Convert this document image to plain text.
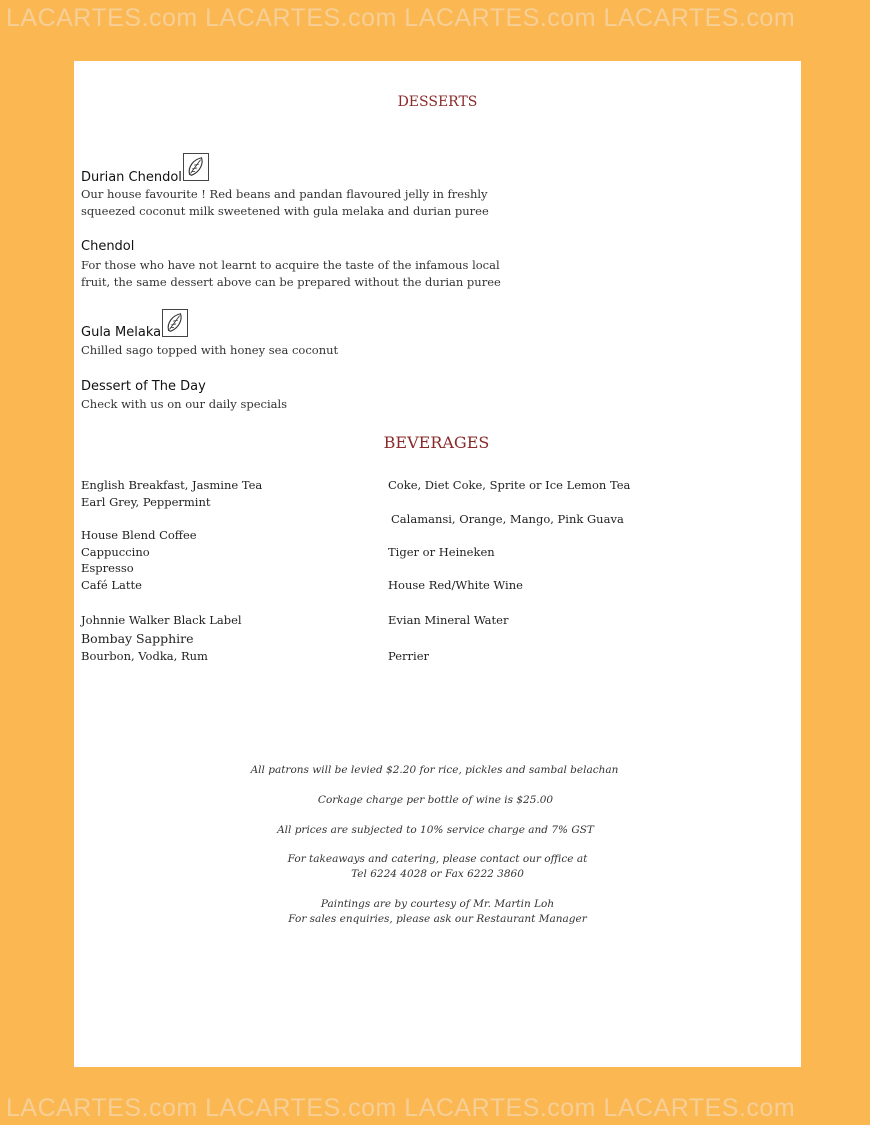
LACARTES.com LACARTES.com LACARTES.com LACARTES.com
LACARTES.com LACARTES.com LACARTES.com LACARTES.com
DESSERTS
Durian Chendol
Our house favourite ! Red beans and pandan flavoured jelly in freshly
squeezed coconut milk sweetened with gula melaka and durian puree
Chendol
For those who have not learnt to acquire the taste of the infamous local
fruit, the same dessert above can be prepared without the durian puree
Gula Melaka
Chilled sago topped with honey sea coconut
Dessert of The Day
Check with us on our daily specials
BEVERAGES
English Breakfast, Jasmine Tea
Earl Grey, Peppermint
House Blend Coffee
Cappuccino
Espresso
Café Latte
Johnnie Walker Black Label
Bombay Sapphire
Bourbon, Vodka, Rum
Coke, Diet Coke, Sprite or Ice Lemon Tea
Calamansi, Orange, Mango, Pink Guava
Tiger or Heineken
House Red/White Wine
Evian Mineral Water
Perrier
All patrons will be levied $2.20 for rice, pickles and sambal belachan
Corkage charge per bottle of wine is $25.00
All prices are subjected to 10% service charge and 7% GST
For takeaways and catering, please contact our office at
Tel 6224 4028 or Fax 6222 3860
Paintings are by courtesy of Mr. Martin Loh
For sales enquiries, please ask our Restaurant Manager
